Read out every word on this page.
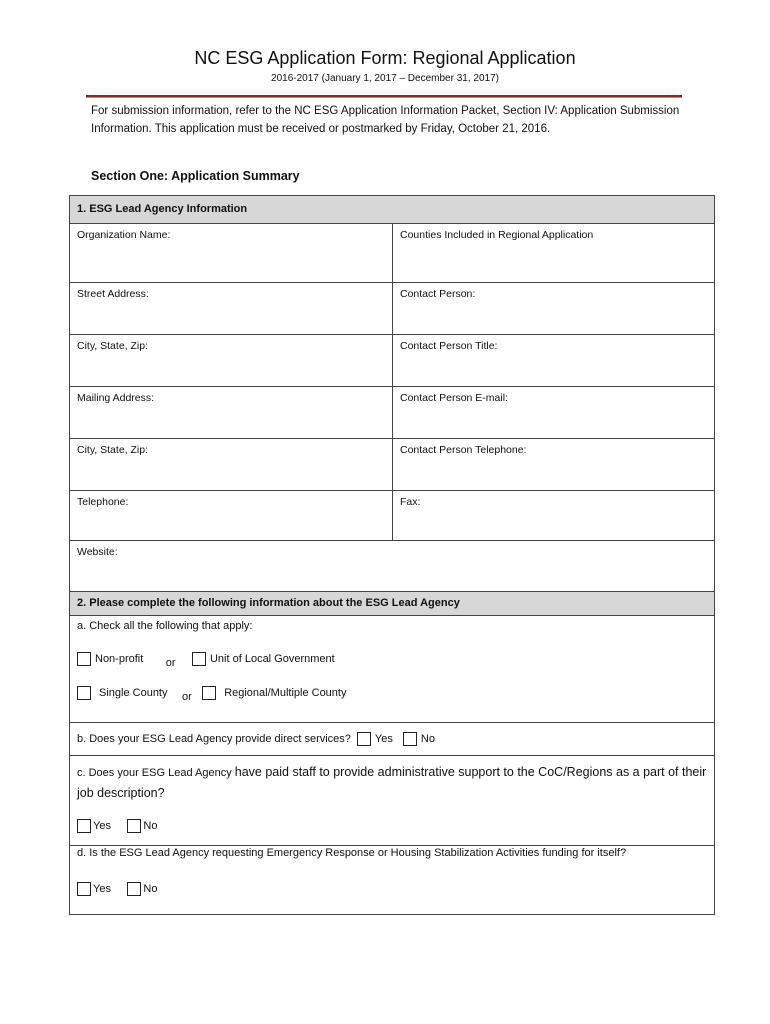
NC ESG Application Form: Regional Application
2016-2017 (January 1, 2017 – December 31, 2017)
For submission information, refer to the NC ESG Application Information Packet, Section IV: Application Submission Information. This application must be received or postmarked by Friday, October 21, 2016.
Section One: Application Summary
1. ESG Lead Agency Information
Organization Name:	Counties Included in Regional Application
Street Address:	Contact Person:
City, State, Zip:	Contact Person Title:
Mailing Address:	Contact Person E-mail:
City, State, Zip:	Contact Person Telephone:
Telephone:	Fax:
Website:
2. Please complete the following information about the ESG Lead Agency
a. Check all the following that apply:
Non-profit or	Unit of Local Government
Single County or	Regional/Multiple County
b. Does your ESG Lead Agency provide direct services? Yes	No
c. Does your ESG Lead Agency have paid staff to provide administrative support to the CoC/Regions as a part of their job description?
Yes
	No
d. Is the ESG Lead Agency requesting Emergency Response or Housing Stabilization Activities funding for itself?
Yes
	No
